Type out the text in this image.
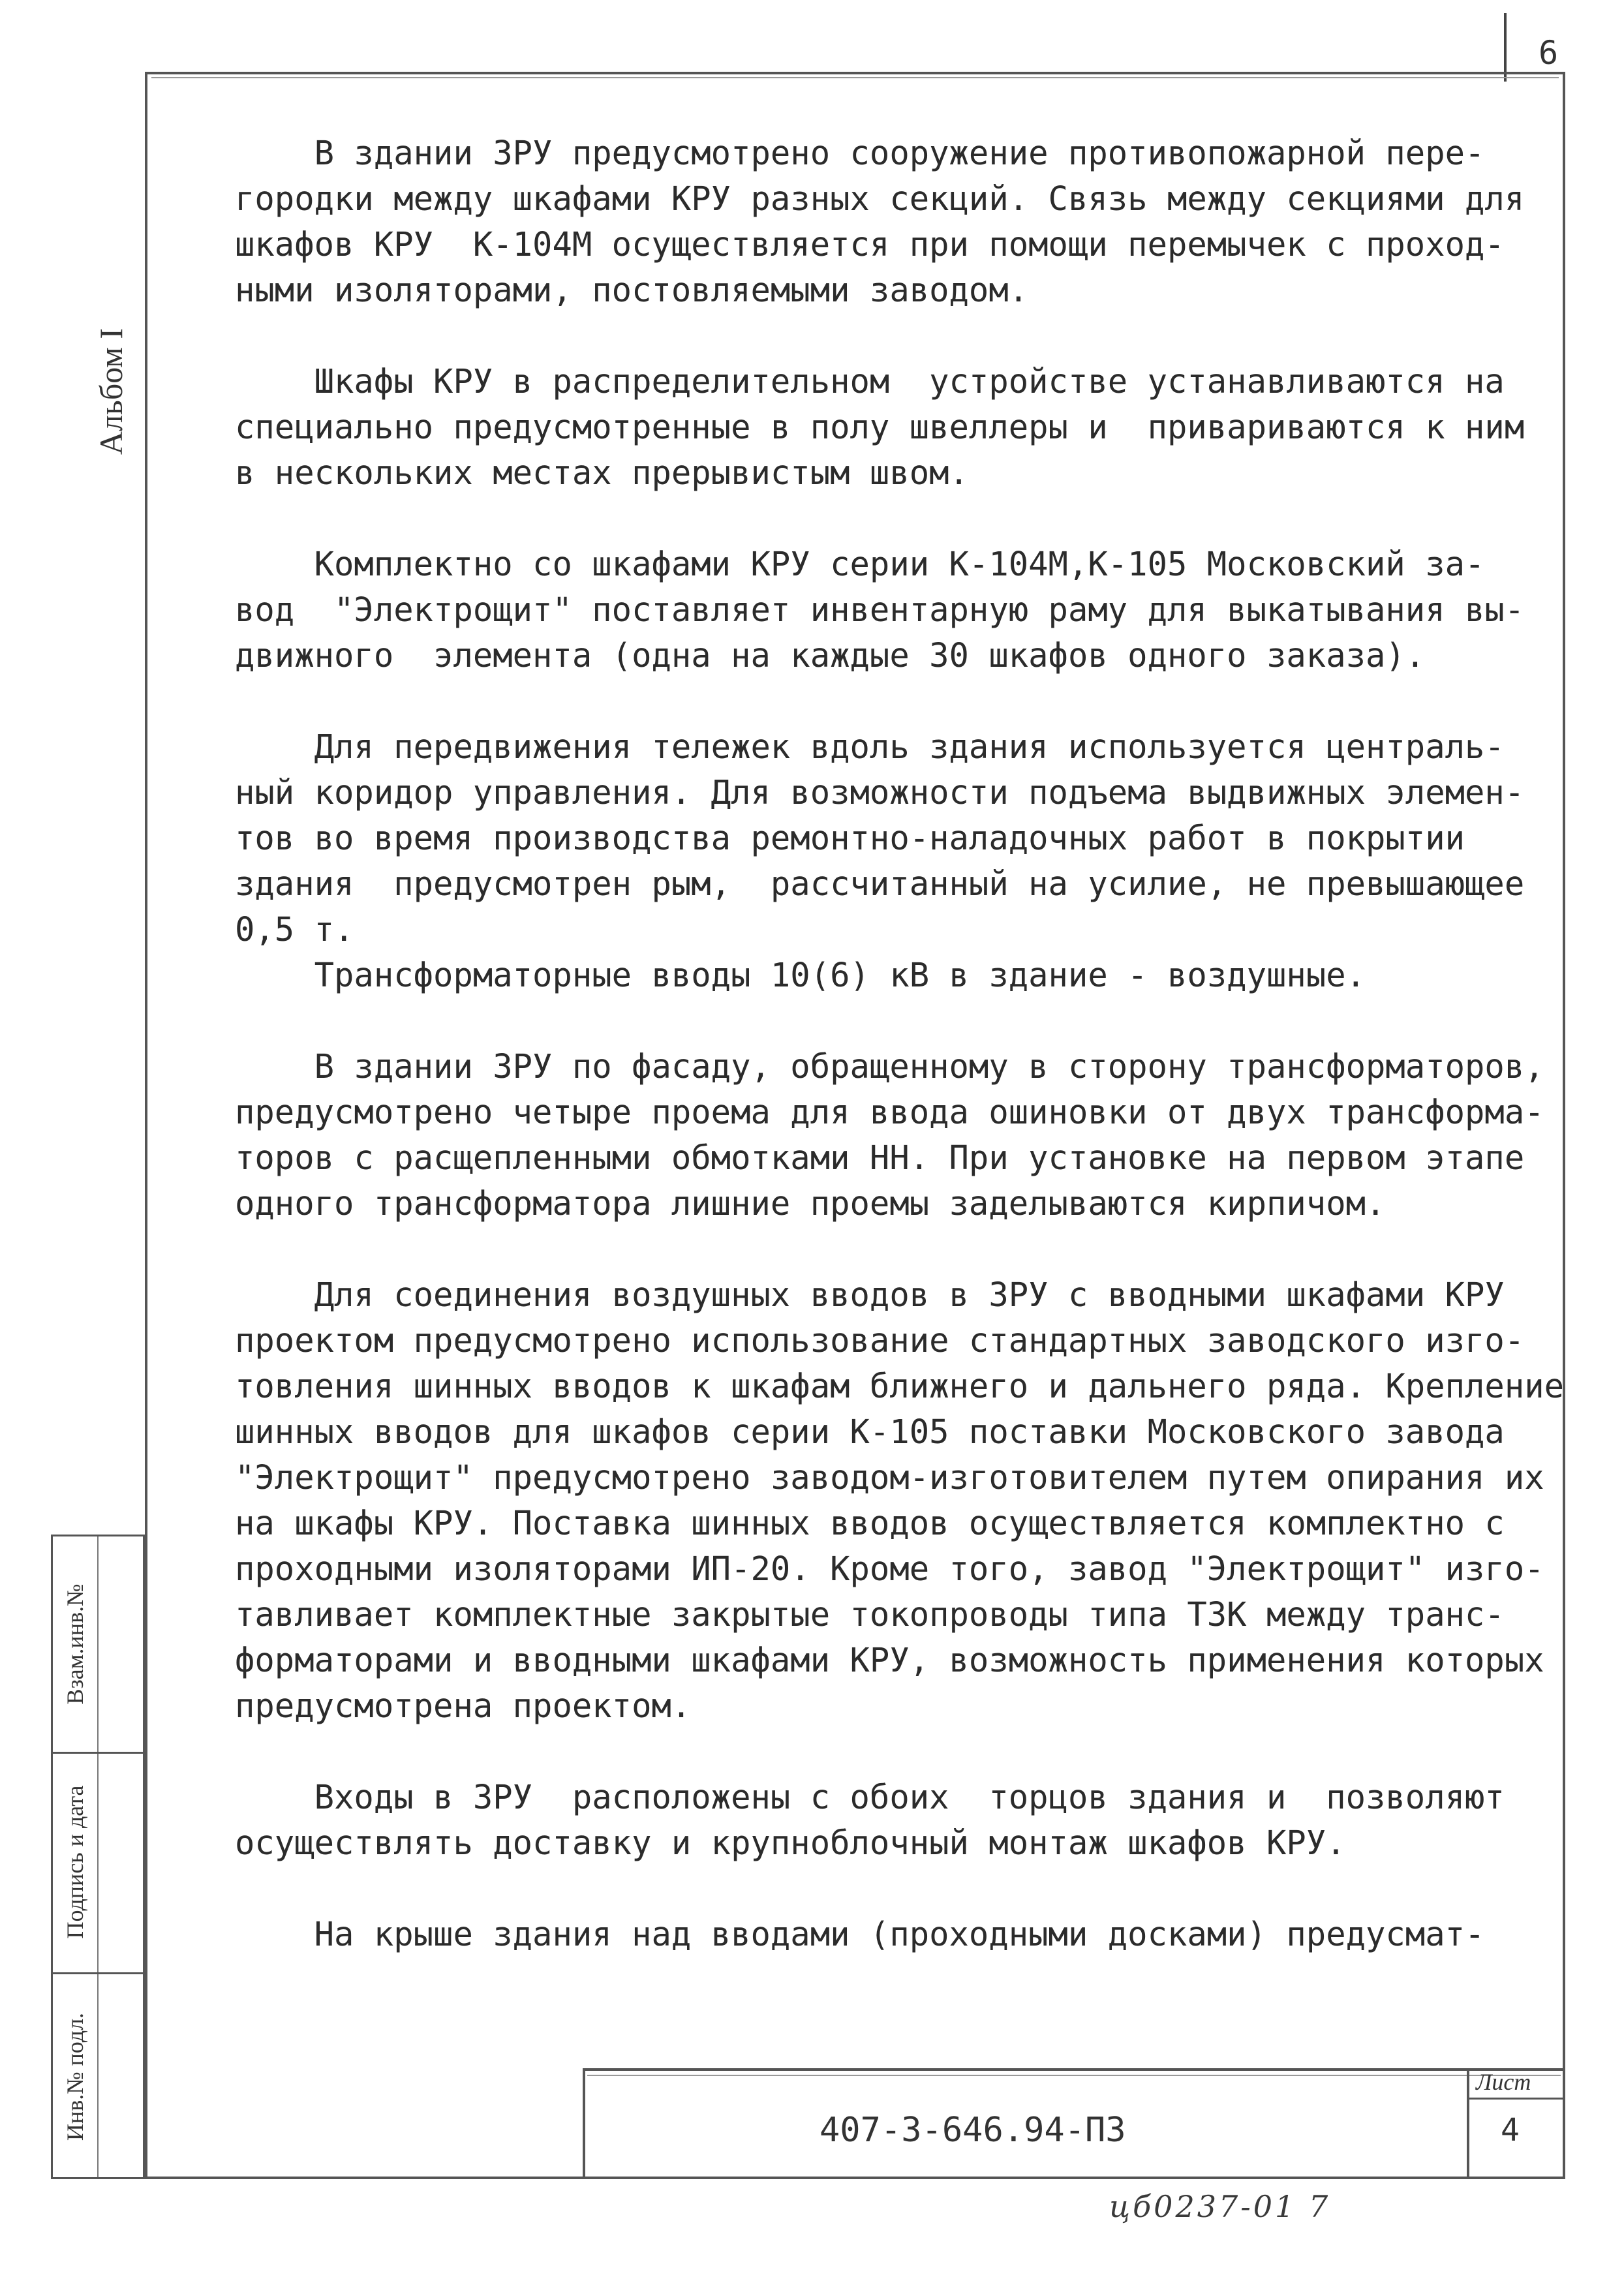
6
Альбом I
Взам.инв.№
Подпись и дата
Инв.№ подл.
В здании ЗРУ предусмотрено сооружение противопожарной пере-
городки между шкафами КРУ разных секций. Связь между секциями для
шкафов КРУ  К-104М осуществляется при помощи перемычек с проход-
ными изоляторами, постовляемыми заводом.
Шкафы КРУ в распределительном  устройстве устанавливаются на
специально предусмотренные в полу швеллеры и  привариваются к ним
в нескольких местах прерывистым швом.
Комплектно со шкафами КРУ серии К-104М,К-105 Московский за-
вод  "Электрощит" поставляет инвентарную раму для выкатывания вы-
движного  элемента (одна на каждые 30 шкафов одного заказа).
Для передвижения тележек вдоль здания используется централь-
ный коридор управления. Для возможности подъема выдвижных элемен-
тов во время производства ремонтно-наладочных работ в покрытии
здания  предусмотрен рым,  рассчитанный на усилие, не превышающее
0,5 т.
Трансформаторные вводы 10(6) кВ в здание - воздушные.
В здании ЗРУ по фасаду, обращенному в сторону трансформаторов,
предусмотрено четыре проема для ввода ошиновки от двух трансформа-
торов с расщепленными обмотками НН. При установке на первом этапе
одного трансформатора лишние проемы заделываются кирпичом.
Для соединения воздушных вводов в ЗРУ с вводными шкафами КРУ
проектом предусмотрено использование стандартных заводского изго-
товления шинных вводов к шкафам ближнего и дальнего ряда. Крепление
шинных вводов для шкафов серии К-105 поставки Московского завода
"Электрощит" предусмотрено заводом-изготовителем путем опирания их
на шкафы КРУ. Поставка шинных вводов осуществляется комплектно с
проходными изоляторами ИП-20. Кроме того, завод "Электрощит" изго-
тавливает комплектные закрытые токопроводы типа ТЗК между транс-
форматорами и вводными шкафами КРУ, возможность применения которых
предусмотрена проектом.
Входы в ЗРУ  расположены с обоих  торцов здания и  позволяют
осуществлять доставку и крупноблочный монтаж шкафов КРУ.
На крыше здания над вводами (проходными досками) предусмат-
Лист
4
407-3-646.94-ПЗ
цб0237-01 7
